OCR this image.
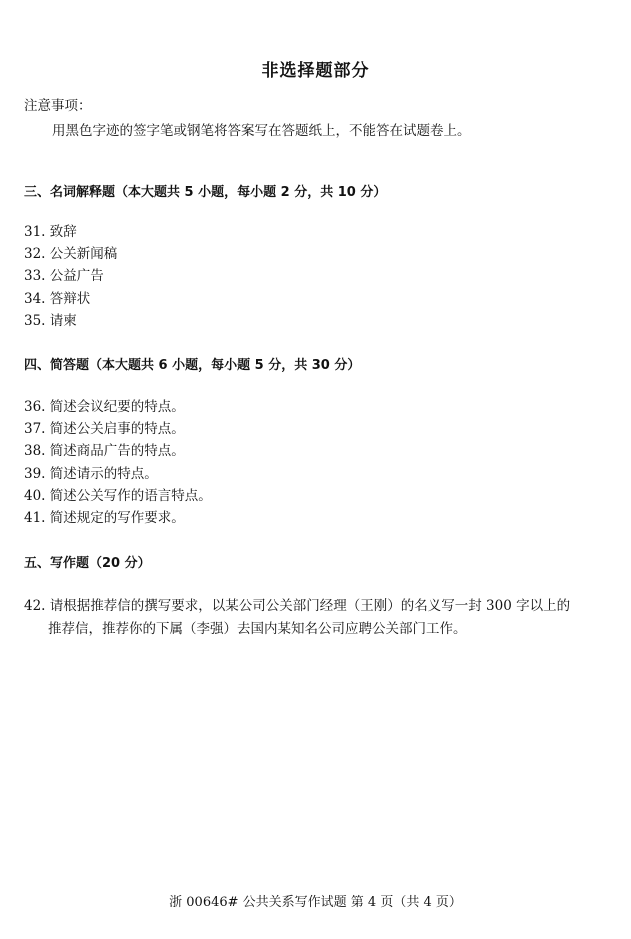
非选择题部分
注意事项：
用黑色字迹的签字笔或钢笔将答案写在答题纸上，不能答在试题卷上。
三、名词解释题（本大题共 5 小题，每小题 2 分，共 10 分）
31. 致辞
32. 公关新闻稿
33. 公益广告
34. 答辩状
35. 请柬
四、简答题（本大题共 6 小题，每小题 5 分，共 30 分）
36. 简述会议纪要的特点。
37. 简述公关启事的特点。
38. 简述商品广告的特点。
39. 简述请示的特点。
40. 简述公关写作的语言特点。
41. 简述规定的写作要求。
五、写作题（20 分）
42. 请根据推荐信的撰写要求，以某公司公关部门经理（王刚）的名义写一封 300 字以上的
推荐信，推荐你的下属（李强）去国内某知名公司应聘公关部门工作。
浙 00646# 公共关系写作试题 第 4 页（共 4 页）
